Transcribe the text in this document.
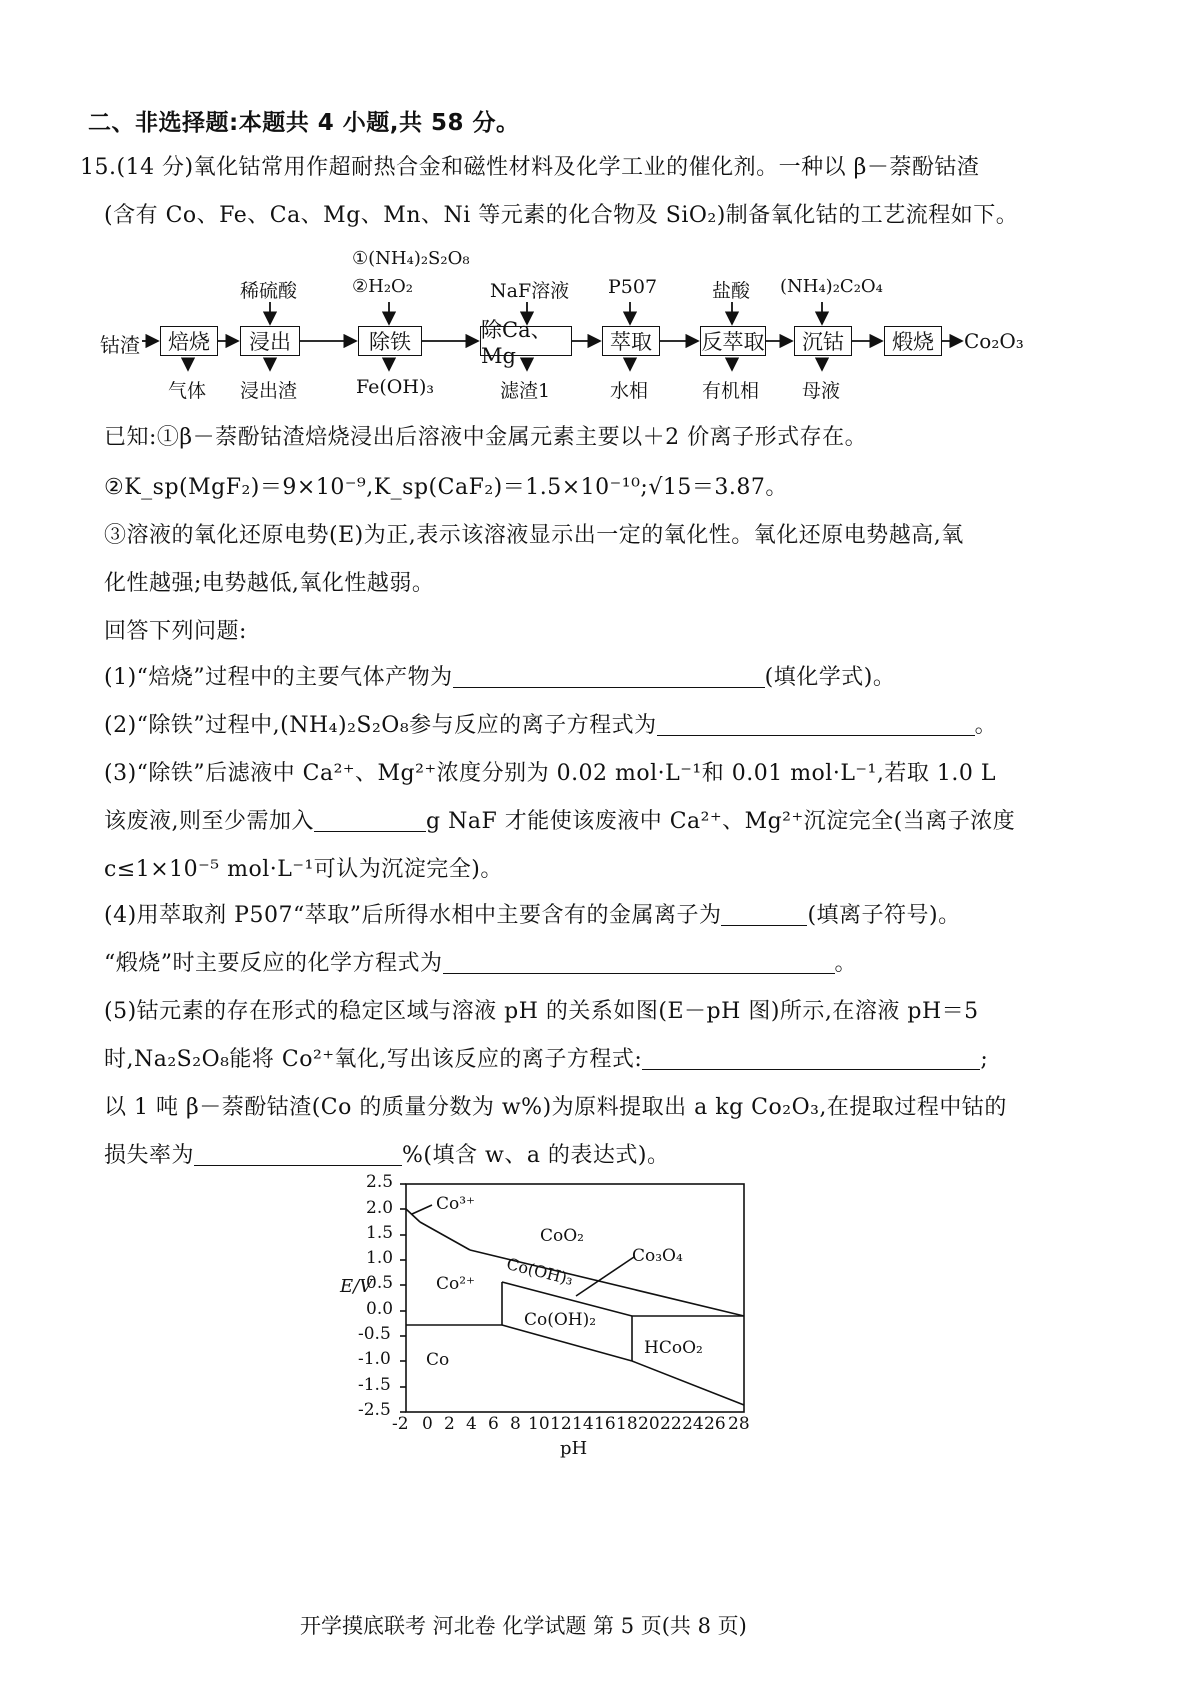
二、非选择题:本题共 4 小题,共 58 分。
15.(14 分)氧化钴常用作超耐热合金和磁性材料及化学工业的催化剂。一种以 β－萘酚钴渣
(含有 Co、Fe、Ca、Mg、Mn、Ni 等元素的化合物及 SiO₂)制备氧化钴的工艺流程如下。
钴渣	Co₂O₃
焙烧	浸出	除铁	除Ca、Mg
萃取	反萃取	沉钴	煅烧
稀硫酸
①(NH₄)₂S₂O₈
②H₂O₂	NaF溶液 P507	盐酸 (NH₄)₂C₂O₄
气体 浸出渣	Fe(OH)₃	滤渣1	水相	有机相 母液
已知:①β－萘酚钴渣焙烧浸出后溶液中金属元素主要以＋2 价离子形式存在。
②K_sp(MgF₂)＝9×10⁻⁹,K_sp(CaF₂)＝1.5×10⁻¹⁰;√15＝3.87。
③溶液的氧化还原电势(E)为正,表示该溶液显示出一定的氧化性。氧化还原电势越高,氧
化性越强;电势越低,氧化性越弱。
回答下列问题:
(1)“焙烧”过程中的主要气体产物为	(填化学式)。
(2)“除铁”过程中,(NH₄)₂S₂O₈参与反应的离子方程式为	。
(3)“除铁”后滤液中 Ca²⁺、Mg²⁺浓度分别为 0.02 mol·L⁻¹和 0.01 mol·L⁻¹,若取 1.0 L
该废液,则至少需加入	g NaF 才能使该废液中 Ca²⁺、Mg²⁺沉淀完全(当离子浓度
c≤1×10⁻⁵ mol·L⁻¹可认为沉淀完全)。
(4)用萃取剂 P507“萃取”后所得水相中主要含有的金属离子为	(填离子符号)。
“煅烧”时主要反应的化学方程式为	。
(5)钴元素的存在形式的稳定区域与溶液 pH 的关系如图(E－pH 图)所示,在溶液 pH＝5
时,Na₂S₂O₈能将 Co²⁺氧化,写出该反应的离子方程式:	;
以 1 吨 β－萘酚钴渣(Co 的质量分数为 w%)为原料提取出 a kg Co₂O₃,在提取过程中钴的
损失率为	%(填含 w、a 的表达式)。
E/V
pH
2.5
2.0
1.5
1.0
0.5
0.0
-0.5
-1.0
-1.5
-2.5
-2 0 2 4 6 8 10 12 14 16 18 20 22 24 26 28
Co³⁺
CoO₂
Co²⁺ Co(OH)₃	Co₃O₄
Co(OH)₂
HCoO₂
Co
开学摸底联考 河北卷 化学试题 第 5 页(共 8 页)
